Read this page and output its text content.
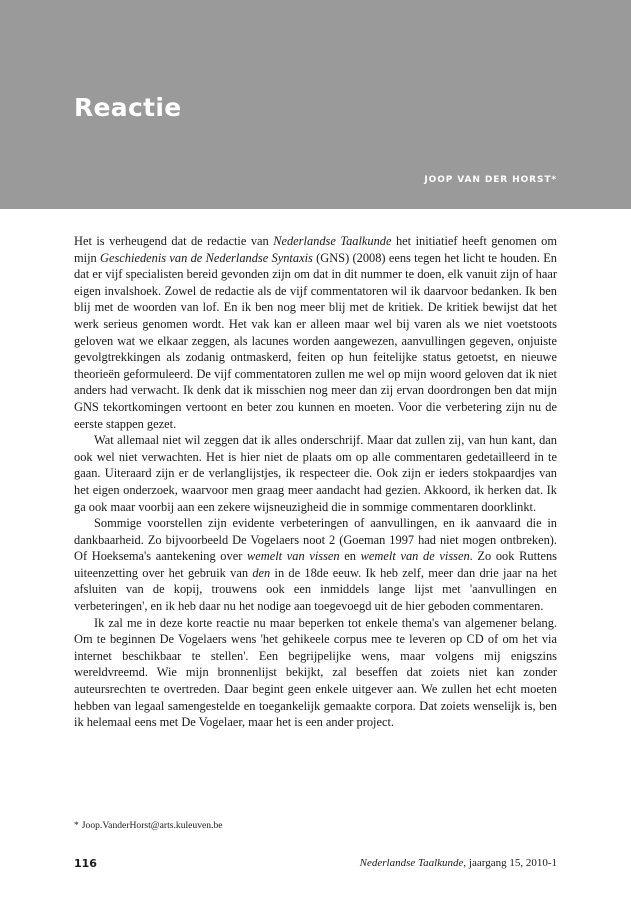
Reactie
JOOP VAN DER HORST*

Het is verheugend dat de redactie van Nederlandse Taalkunde het initiatief heeft genomen om mijn Geschiedenis van de Nederlandse Syntaxis (GNS) (2008) eens tegen het licht te houden. En dat er vijf specialisten bereid gevonden zijn om dat in dit nummer te doen, elk vanuit zijn of haar eigen invalshoek. Zowel de redactie als de vijf commentatoren wil ik daarvoor bedanken. Ik ben blij met de woorden van lof. En ik ben nog meer blij met de kritiek. De kritiek bewijst dat het werk serieus genomen wordt. Het vak kan er alleen maar wel bij varen als we niet voetstoots geloven wat we elkaar zeggen, als lacunes worden aangewezen, aanvullingen gegeven, onjuiste gevolgtrekkingen als zodanig ontmaskerd, feiten op hun feitelijke status getoetst, en nieuwe theorieën geformuleerd. De vijf commentatoren zullen me wel op mijn woord geloven dat ik niet anders had verwacht. Ik denk dat ik misschien nog meer dan zij ervan doordrongen ben dat mijn GNS tekortkomingen vertoont en beter zou kunnen en moeten. Voor die verbetering zijn nu de eerste stappen gezet.

Wat allemaal niet wil zeggen dat ik alles onderschrijf. Maar dat zullen zij, van hun kant, dan ook wel niet verwachten. Het is hier niet de plaats om op alle commentaren gedetailleerd in te gaan. Uiteraard zijn er de verlanglijstjes, ik respecteer die. Ook zijn er ieders stokpaardjes van het eigen onderzoek, waarvoor men graag meer aandacht had gezien. Akkoord, ik herken dat. Ik ga ook maar voorbij aan een zekere wijsneuzigheid die in sommige commentaren doorklinkt.

Sommige voorstellen zijn evidente verbeteringen of aanvullingen, en ik aanvaard die in dankbaarheid. Zo bijvoorbeeld De Vogelaers noot 2 (Goeman 1997 had niet mogen ontbreken). Of Hoeksema's aantekening over wemelt van vissen en wemelt van de vissen. Zo ook Ruttens uiteenzetting over het gebruik van den in de 18de eeuw. Ik heb zelf, meer dan drie jaar na het afsluiten van de kopij, trouwens ook een inmiddels lange lijst met 'aanvullingen en verbeteringen', en ik heb daar nu het nodige aan toegevoegd uit de hier geboden commentaren.

Ik zal me in deze korte reactie nu maar beperken tot enkele thema's van algemener belang. Om te beginnen De Vogelaers wens 'het gehikeele corpus mee te leveren op CD of om het via internet beschikbaar te stellen'. Een begrijpelijke wens, maar volgens mij enigszins wereldvreemd. Wie mijn bronnenlijst bekijkt, zal beseffen dat zoiets niet kan zonder auteursrechten te overtreden. Daar begint geen enkele uitgever aan. We zullen het echt moeten hebben van legaal samengestelde en toegankelijk gemaakte corpora. Dat zoiets wenselijk is, ben ik helemaal eens met De Vogelaer, maar het is een ander project.

* Joop.VanderHorst@arts.kuleuven.be
116	Nederlandse Taalkunde, jaargang 15, 2010-1
